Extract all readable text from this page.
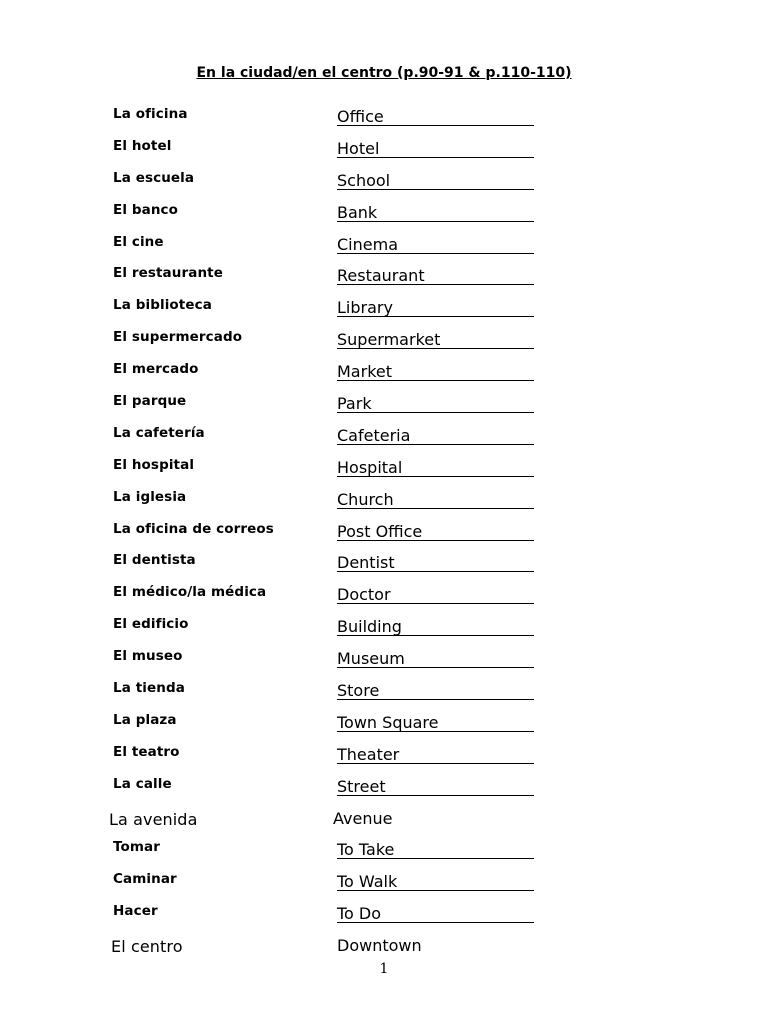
En la ciudad/en el centro (p.90-91 & p.110-110)
La oficina	Office
El hotel	Hotel
La escuela	School
El banco	Bank
El cine	Cinema
El restaurante	Restaurant
La biblioteca	Library
El supermercado	Supermarket
El mercado	Market
El parque	Park
La cafetería	Cafeteria
El hospital	Hospital
La iglesia	Church
La oficina de correos	Post Office
El dentista	Dentist
El médico/la médica	Doctor
El edificio	Building
El museo	Museum
La tienda	Store
La plaza	Town Square
El teatro	Theater
La calle	Street
La avenida	Avenue
Tomar	To Take
Caminar	To Walk
Hacer	To Do
El centro	Downtown
1
